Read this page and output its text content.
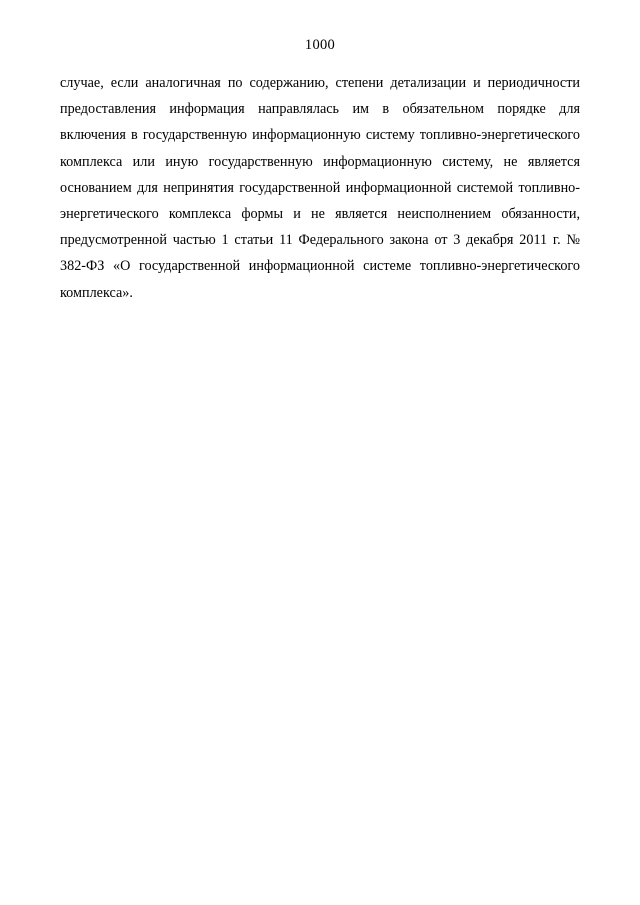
1000

случае, если аналогичная по содержанию, степени детализации и периодичности предоставления информация направлялась им в обязательном порядке для включения в государственную информационную систему топливно-энергетического комплекса или иную государственную информационную систему, не является основанием для непринятия государственной информационной системой топливно-энергетического комплекса формы и не является неисполнением обязанности, предусмотренной частью 1 статьи 11 Федерального закона от 3 декабря 2011 г. № 382-ФЗ «О государственной информационной системе топливно-энергетического комплекса».
